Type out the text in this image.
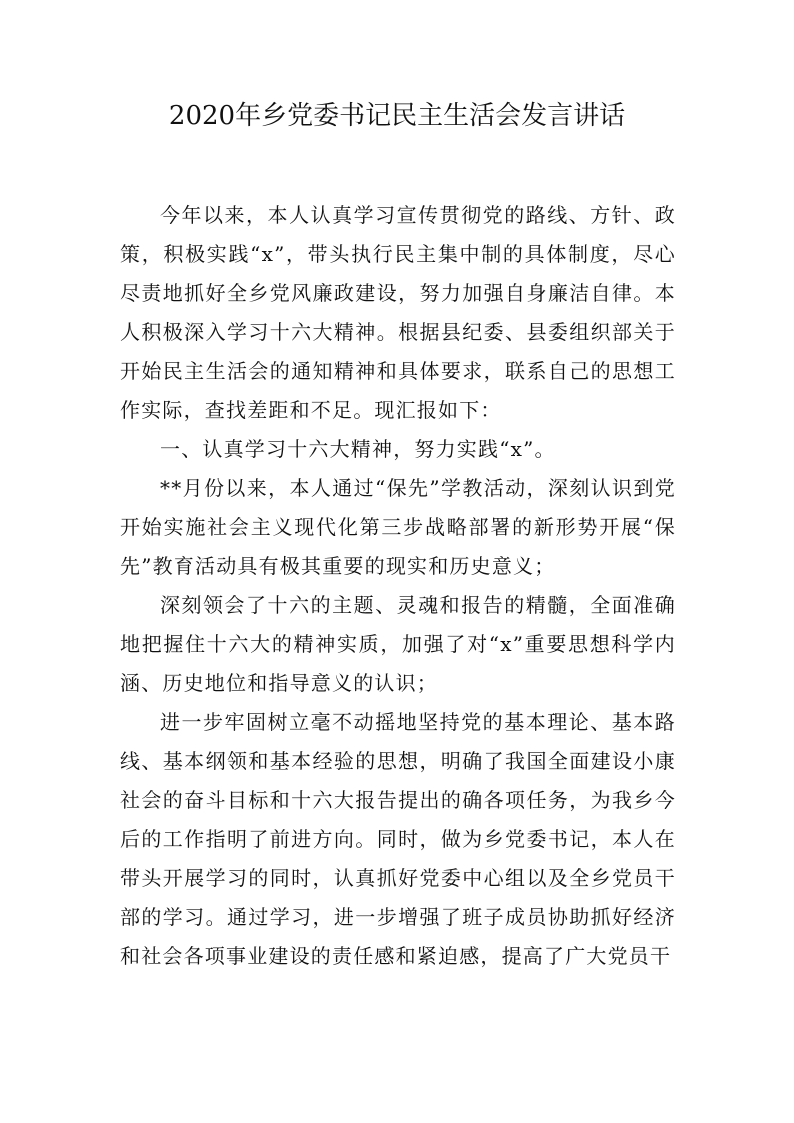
2020年乡党委书记民主生活会发言讲话

今年以来，本人认真学习宣传贯彻党的路线、方针、政策，积极实践“x”，带头执行民主集中制的具体制度，尽心尽责地抓好全乡党风廉政建设，努力加强自身廉洁自律。本人积极深入学习十六大精神。根据县纪委、县委组织部关于开始民主生活会的通知精神和具体要求，联系自己的思想工作实际，查找差距和不足。现汇报如下：

一、认真学习十六大精神，努力实践“x”。

**月份以来，本人通过“保先”学教活动，深刻认识到党开始实施社会主义现代化第三步战略部署的新形势开展“保先”教育活动具有极其重要的现实和历史意义；

深刻领会了十六的主题、灵魂和报告的精髓，全面准确地把握住十六大的精神实质，加强了对“x”重要思想科学内涵、历史地位和指导意义的认识；

进一步牢固树立毫不动摇地坚持党的基本理论、基本路线、基本纲领和基本经验的思想，明确了我国全面建设小康社会的奋斗目标和十六大报告提出的确各项任务，为我乡今后的工作指明了前进方向。同时，做为乡党委书记，本人在带头开展学习的同时，认真抓好党委中心组以及全乡党员干部的学习。通过学习，进一步增强了班子成员协助抓好经济和社会各项事业建设的责任感和紧迫感，提高了广大党员干
